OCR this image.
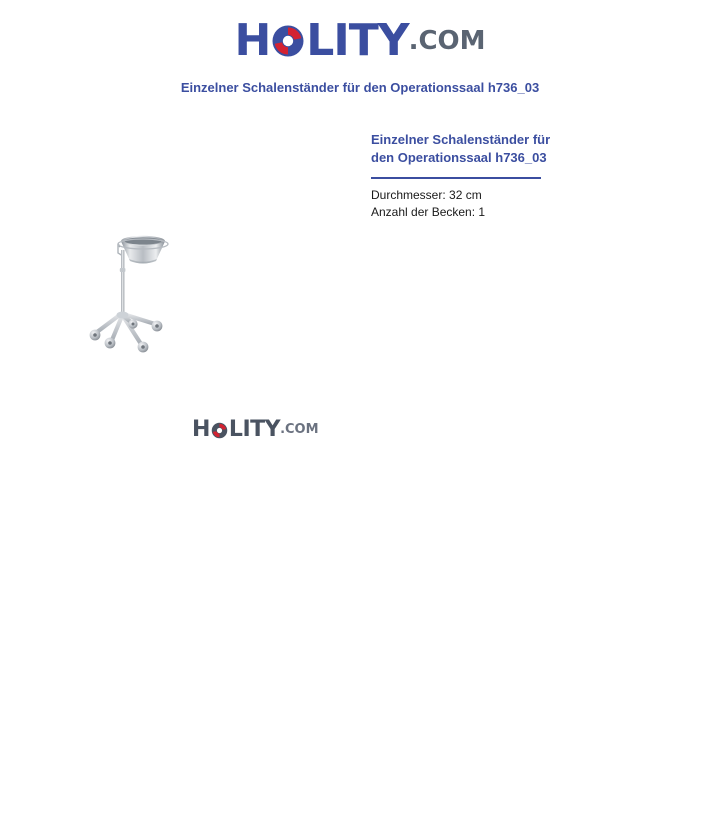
H LITY.COM
Einzelner Schalenständer für den Operationssaal h736_03
Einzelner Schalenständer für
den Operationssaal h736_03
Durchmesser: 32 cm
Anzahl der Becken: 1
H LITY.COM
